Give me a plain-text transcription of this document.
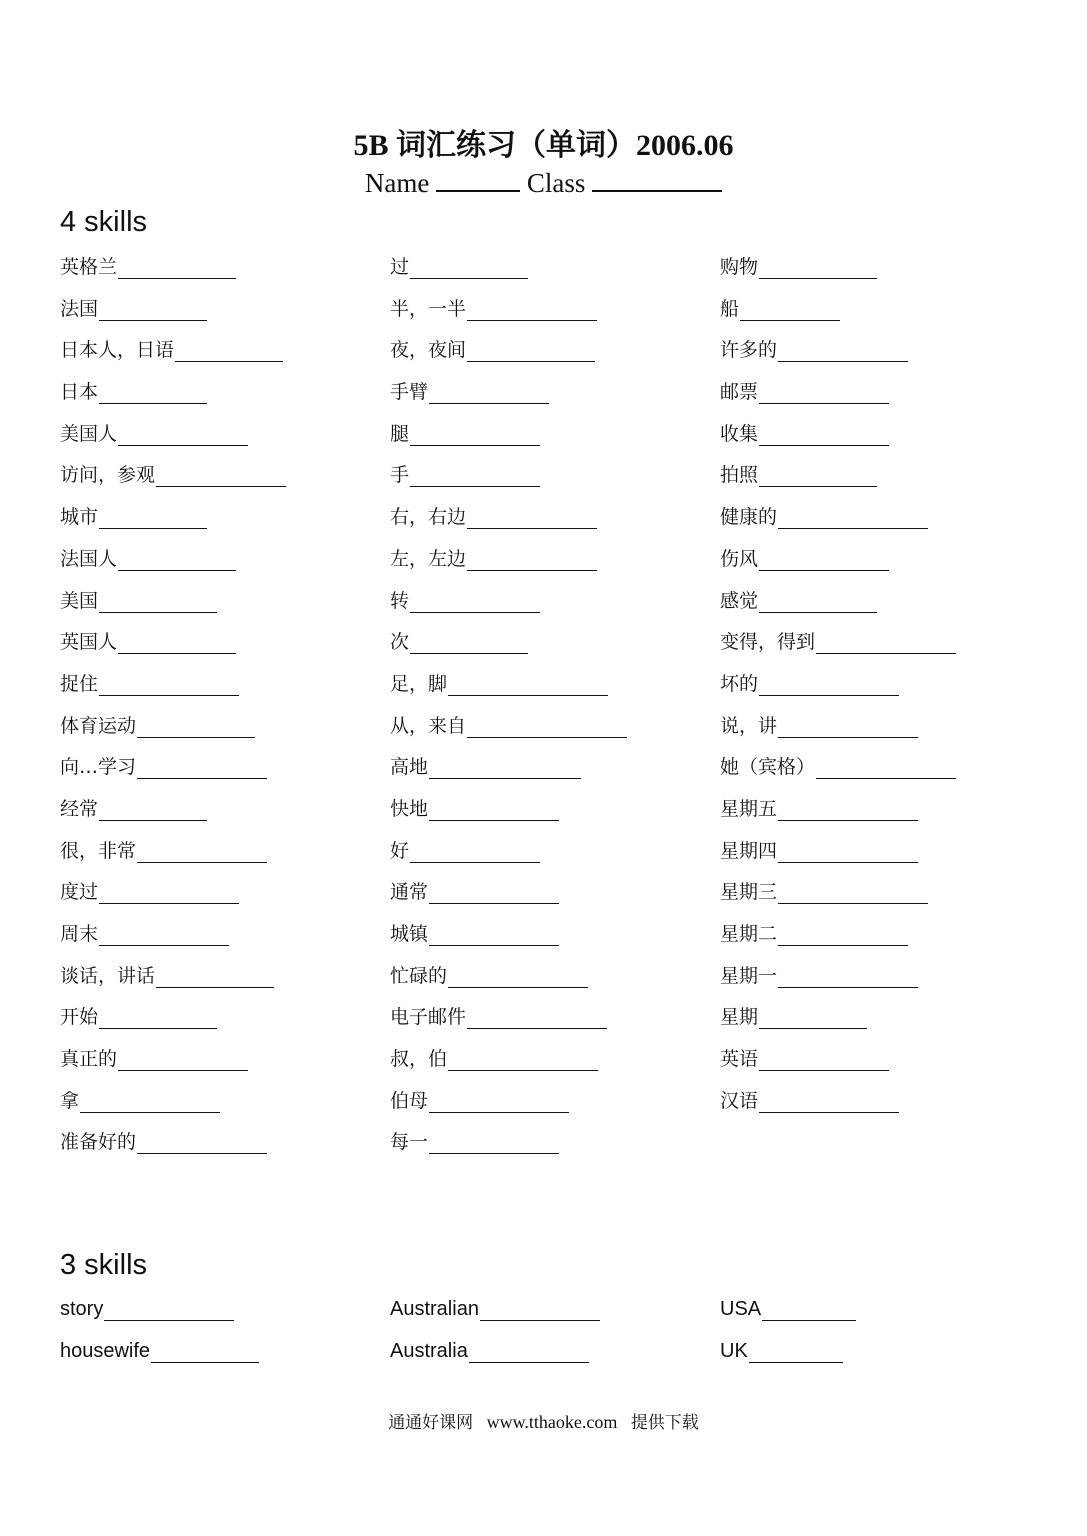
5B 词汇练习（单词）2006.06
Name	Class
4 skills
英格兰	过	购物
法国	半，一半	船
日本人，日语	夜，夜间	许多的
日本	手臂	邮票
美国人	腿	收集
访问，参观	手	拍照
城市	右，右边	健康的
法国人	左，左边	伤风
美国	转	感觉
英国人	次	变得，得到
捉住	足，脚	坏的
体育运动	从，来自	说，讲
向…学习	高地	她（宾格）
经常	快地	星期五
很，非常	好	星期四
度过	通常	星期三
周末	城镇	星期二
谈话，讲话	忙碌的	星期一
开始	电子邮件	星期
真正的	叔，伯	英语
拿	伯母	汉语
准备好的	每一
3 skills
story	Australian	USA
housewife	Australia	UK
通通好课网 www.tthaoke.com 提供下载
